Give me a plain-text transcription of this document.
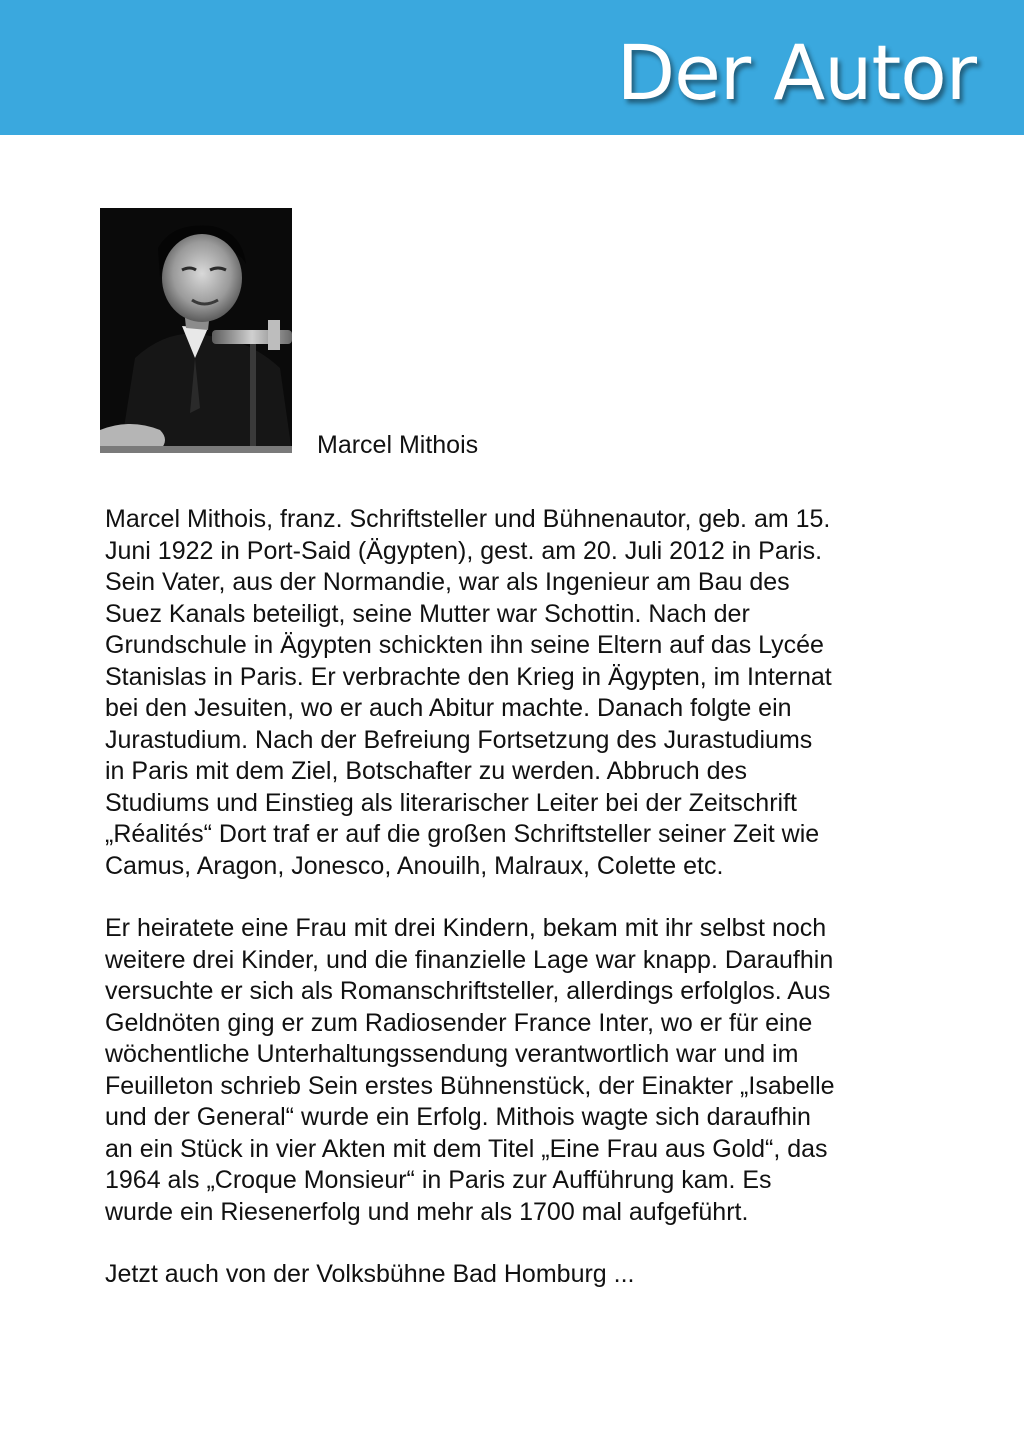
Der Autor
Marcel Mithois

Marcel Mithois, franz. Schriftsteller und Bühnenautor, geb. am 15.
Juni 1922 in Port-Said (Ägypten), gest. am 20. Juli 2012 in Paris.
Sein Vater, aus der Normandie, war als Ingenieur am Bau des
Suez Kanals beteiligt, seine Mutter war Schottin. Nach der
Grundschule in Ägypten schickten ihn seine Eltern auf das Lycée
Stanislas in Paris. Er verbrachte den Krieg in Ägypten, im Internat
bei den Jesuiten, wo er auch Abitur machte. Danach folgte ein
Jurastudium. Nach der Befreiung Fortsetzung des Jurastudiums
in Paris mit dem Ziel, Botschafter zu werden. Abbruch des
Studiums und Einstieg als literarischer Leiter bei der Zeitschrift
„Réalités“ Dort traf er auf die großen Schriftsteller seiner Zeit wie
Camus, Aragon, Jonesco, Anouilh, Malraux, Colette etc.

Er heiratete eine Frau mit drei Kindern, bekam mit ihr selbst noch
weitere drei Kinder, und die finanzielle Lage war knapp. Daraufhin
versuchte er sich als Romanschriftsteller, allerdings erfolglos. Aus
Geldnöten ging er zum Radiosender France Inter, wo er für eine
wöchentliche Unterhaltungssendung verantwortlich war und im
Feuilleton schrieb Sein erstes Bühnenstück, der Einakter „Isabelle
und der General“ wurde ein Erfolg. Mithois wagte sich daraufhin
an ein Stück in vier Akten mit dem Titel „Eine Frau aus Gold“, das
1964 als „Croque Monsieur“ in Paris zur Aufführung kam. Es
wurde ein Riesenerfolg und mehr als 1700 mal aufgeführt.

Jetzt auch von der Volksbühne Bad Homburg ...
